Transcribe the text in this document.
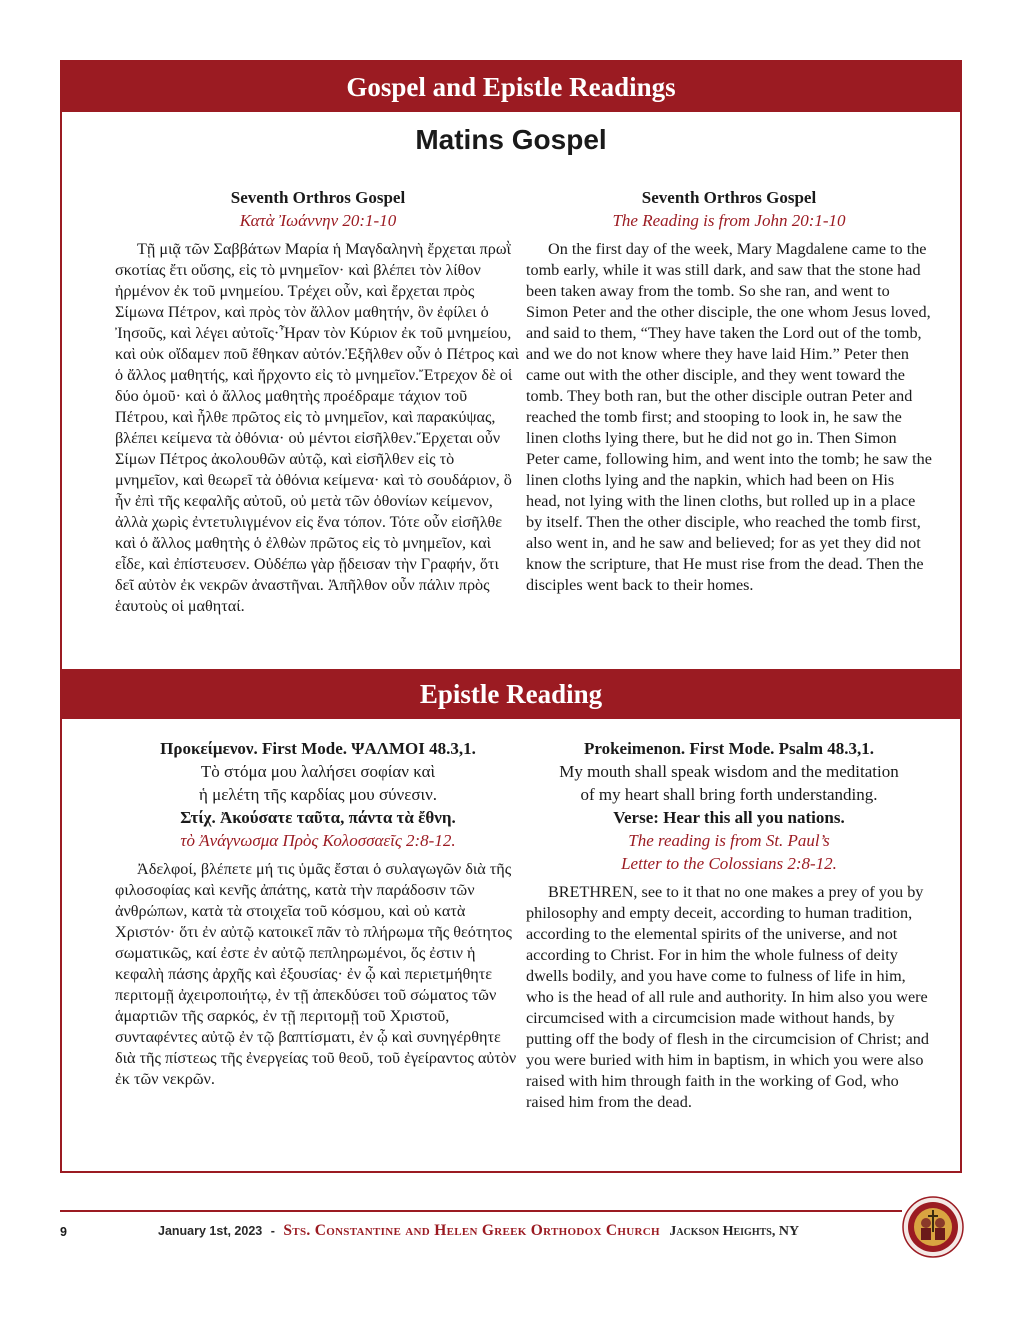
Gospel and Epistle Readings
Matins Gospel
Seventh Orthros Gospel
Κατὰ Ἰωάννην 20:1-10

Τῇ μιᾷ τῶν Σαββάτων Μαρία ἡ Μαγδαληνὴ ἔρχεται πρωῒ σκοτίας ἔτι οὔσης, εἰς τὸ μνημεῖον· καὶ βλέπει τὸν λίθον ἠρμένον ἐκ τοῦ μνημείου. Τρέχει οὖν, καὶ ἔρχεται πρὸς Σίμωνα Πέτρον, καὶ πρὸς τὸν ἄλλον μαθητήν, ὃν ἐφίλει ὁ Ἰησοῦς, καὶ λέγει αὐτοῖς·Ἦραν τὸν Κύριον ἐκ τοῦ μνημείου, καὶ οὐκ οἴδαμεν ποῦ ἔθηκαν αὐτόν.Ἐξῆλθεν οὖν ὁ Πέτρος καὶ ὁ ἄλλος μαθητής, καὶ ἤρχοντο εἰς τὸ μνημεῖον.Ἔτρεχον δὲ οἱ δύο ὁμοῦ· καὶ ὁ ἄλλος μαθητὴς προέδραμε τάχιον τοῦ Πέτρου, καὶ ἦλθε πρῶτος εἰς τὸ μνημεῖον, καὶ παρακύψας, βλέπει κείμενα τὰ ὀθόνια· οὐ μέντοι εἰσῆλθεν.Ἔρχεται οὖν Σίμων Πέτρος ἀκολουθῶν αὐτῷ, καὶ εἰσῆλθεν εἰς τὸ μνημεῖον, καὶ θεωρεῖ τὰ ὀθόνια κείμενα· καὶ τὸ σουδάριον, ὃ ἦν ἐπὶ τῆς κεφαλῆς αὐτοῦ, οὐ μετὰ τῶν ὀθονίων κείμενον, ἀλλὰ χωρὶς ἐντετυλιγμένον εἰς ἕνα τόπον. Τότε οὖν εἰσῆλθε καὶ ὁ ἄλλος μαθητὴς ὁ ἐλθὼν πρῶτος εἰς τὸ μνημεῖον, καὶ εἶδε, καὶ ἐπίστευσεν. Οὐδέπω γὰρ ᾔδεισαν τὴν Γραφήν, ὅτι δεῖ αὐτὸν ἐκ νεκρῶν ἀναστῆναι. Ἀπῆλθον οὖν πάλιν πρὸς ἑαυτοὺς οἱ μαθηταί.

Seventh Orthros Gospel
The Reading is from John 20:1-10

On the first day of the week, Mary Magdalene came to the tomb early, while it was still dark, and saw that the stone had been taken away from the tomb. So she ran, and went to Simon Peter and the other disciple, the one whom Jesus loved, and said to them, “They have taken the Lord out of the tomb, and we do not know where they have laid Him.” Peter then came out with the other disciple, and they went toward the tomb. They both ran, but the other disciple outran Peter and reached the tomb first; and stooping to look in, he saw the linen cloths lying there, but he did not go in. Then Simon Peter came, following him, and went into the tomb; he saw the linen cloths lying and the napkin, which had been on His head, not lying with the linen cloths, but rolled up in a place by itself. Then the other disciple, who reached the tomb first, also went in, and he saw and believed; for as yet they did not know the scripture, that He must rise from the dead. Then the disciples went back to their homes.

Epistle Reading
Προκείμενον. First Mode. ΨΑΛΜΟΙ 48.3,1.
Τὸ στόμα μου λαλήσει σοφίαν καὶ
ἡ μελέτη τῆς καρδίας μου σύνεσιν.
Στίχ. Ἀκούσατε ταῦτα, πάντα τὰ ἔθνη.
τὸ Ἀνάγνωσμα Πρὸς Κολοσσαεῖς 2:8-12.

Ἀδελφοί, βλέπετε μή τις ὑμᾶς ἔσται ὁ συλαγωγῶν διὰ τῆς φιλοσοφίας καὶ κενῆς ἀπάτης, κατὰ τὴν παράδοσιν τῶν ἀνθρώπων, κατὰ τὰ στοιχεῖα τοῦ κόσμου, καὶ οὐ κατὰ Χριστόν· ὅτι ἐν αὐτῷ κατοικεῖ πᾶν τὸ πλήρωμα τῆς θεότητος σωματικῶς, καί ἐστε ἐν αὐτῷ πεπληρωμένοι, ὅς ἐστιν ἡ κεφαλὴ πάσης ἀρχῆς καὶ ἐξουσίας· ἐν ᾧ καὶ περιετμήθητε περιτομῇ ἀχειροποιήτῳ, ἐν τῇ ἀπεκδύσει τοῦ σώματος τῶν ἁμαρτιῶν τῆς σαρκός, ἐν τῇ περιτομῇ τοῦ Χριστοῦ, συνταφέντες αὐτῷ ἐν τῷ βαπτίσματι, ἐν ᾧ καὶ συνηγέρθητε διὰ τῆς πίστεως τῆς ἐνεργείας τοῦ θεοῦ, τοῦ ἐγείραντος αὐτὸν ἐκ τῶν νεκρῶν.

Prokeimenon. First Mode. Psalm 48.3,1.
My mouth shall speak wisdom and the meditation
of my heart shall bring forth understanding.
Verse: Hear this all you nations.
The reading is from St. Paul’s
Letter to the Colossians 2:8-12.

BRETHREN, see to it that no one makes a prey of you by philosophy and empty deceit, according to human tradition, according to the elemental spirits of the universe, and not according to Christ. For in him the whole fulness of deity dwells bodily, and you have come to fulness of life in him, who is the head of all rule and authority. In him also you were circumcised with a circumcision made without hands, by putting off the body of flesh in the circumcision of Christ; and you were buried with him in baptism, in which you were also raised with him through faith in the working of God, who raised him from the dead.

9	January 1st, 2023 - Sts. Constantine and Helen Greek Orthodox Church Jackson Heights, NY
